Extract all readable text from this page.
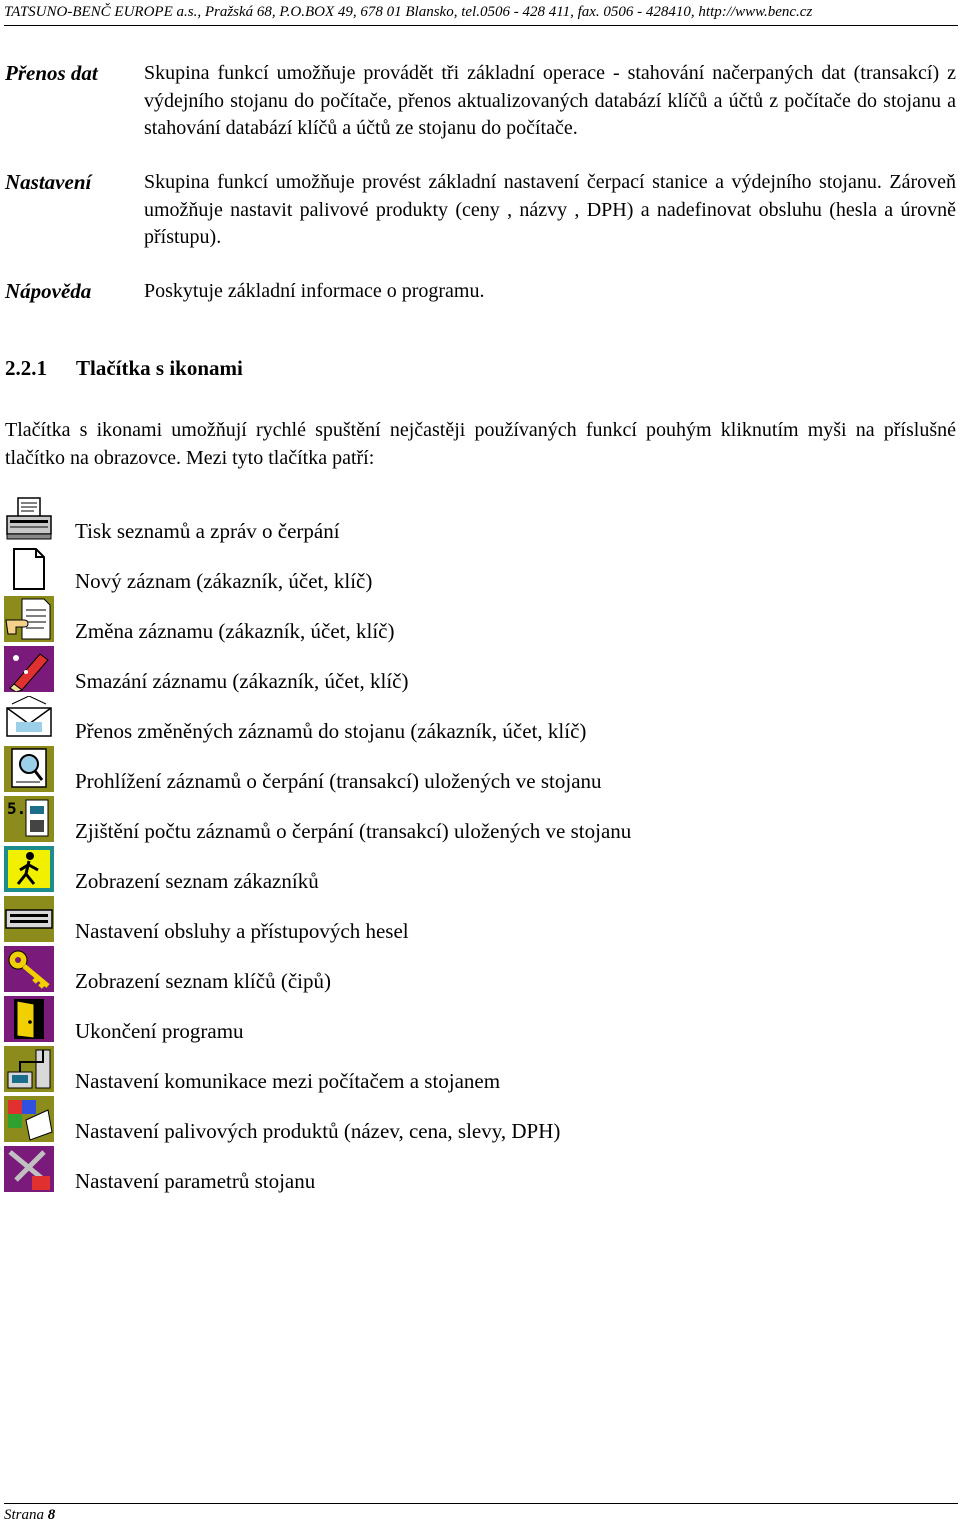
TATSUNO-BENČ EUROPE a.s., Pražská 68, P.O.BOX 49, 678 01 Blansko, tel.0506 - 428 411, fax. 0506 - 428410, http://www.benc.cz
Přenos dat Skupina funkcí umožňuje provádět tři základní operace - stahování načerpaných dat (transakcí) z výdejního stojanu do počítače, přenos aktualizovaných databází klíčů a účtů z počítače do stojanu a stahování databází klíčů a účtů ze stojanu do počítače.
Nastavení	Skupina funkcí umožňuje provést základní nastavení čerpací stanice a výdejního stojanu. Zároveň umožňuje nastavit palivové produkty (ceny , názvy , DPH) a nadefinovat obsluhu (hesla a úrovně přístupu).
Nápověda	Poskytuje základní informace o programu.
2.2.1 Tlačítka s ikonami
Tlačítka s ikonami umožňují rychlé spuštění nejčastěji používaných funkcí pouhým kliknutím myši na příslušné tlačítko na obrazovce. Mezi tyto tlačítka patří:
Tisk seznamů a zpráv o čerpání
Nový záznam (zákazník, účet, klíč)
Změna záznamu (zákazník, účet, klíč)
Smazání záznamu (zákazník, účet, klíč)
Přenos změněných záznamů do stojanu (zákazník, účet, klíč)
Prohlížení záznamů o čerpání (transakcí) uložených ve stojanu
5.
Zjištění počtu záznamů o čerpání (transakcí) uložených ve stojanu
Zobrazení seznam zákazníků
Nastavení obsluhy a přístupových hesel
Zobrazení seznam klíčů (čipů)
Ukončení programu
Nastavení komunikace mezi počítačem a stojanem
Nastavení palivových produktů (název, cena, slevy, DPH)
Nastavení parametrů stojanu
Strana 8
